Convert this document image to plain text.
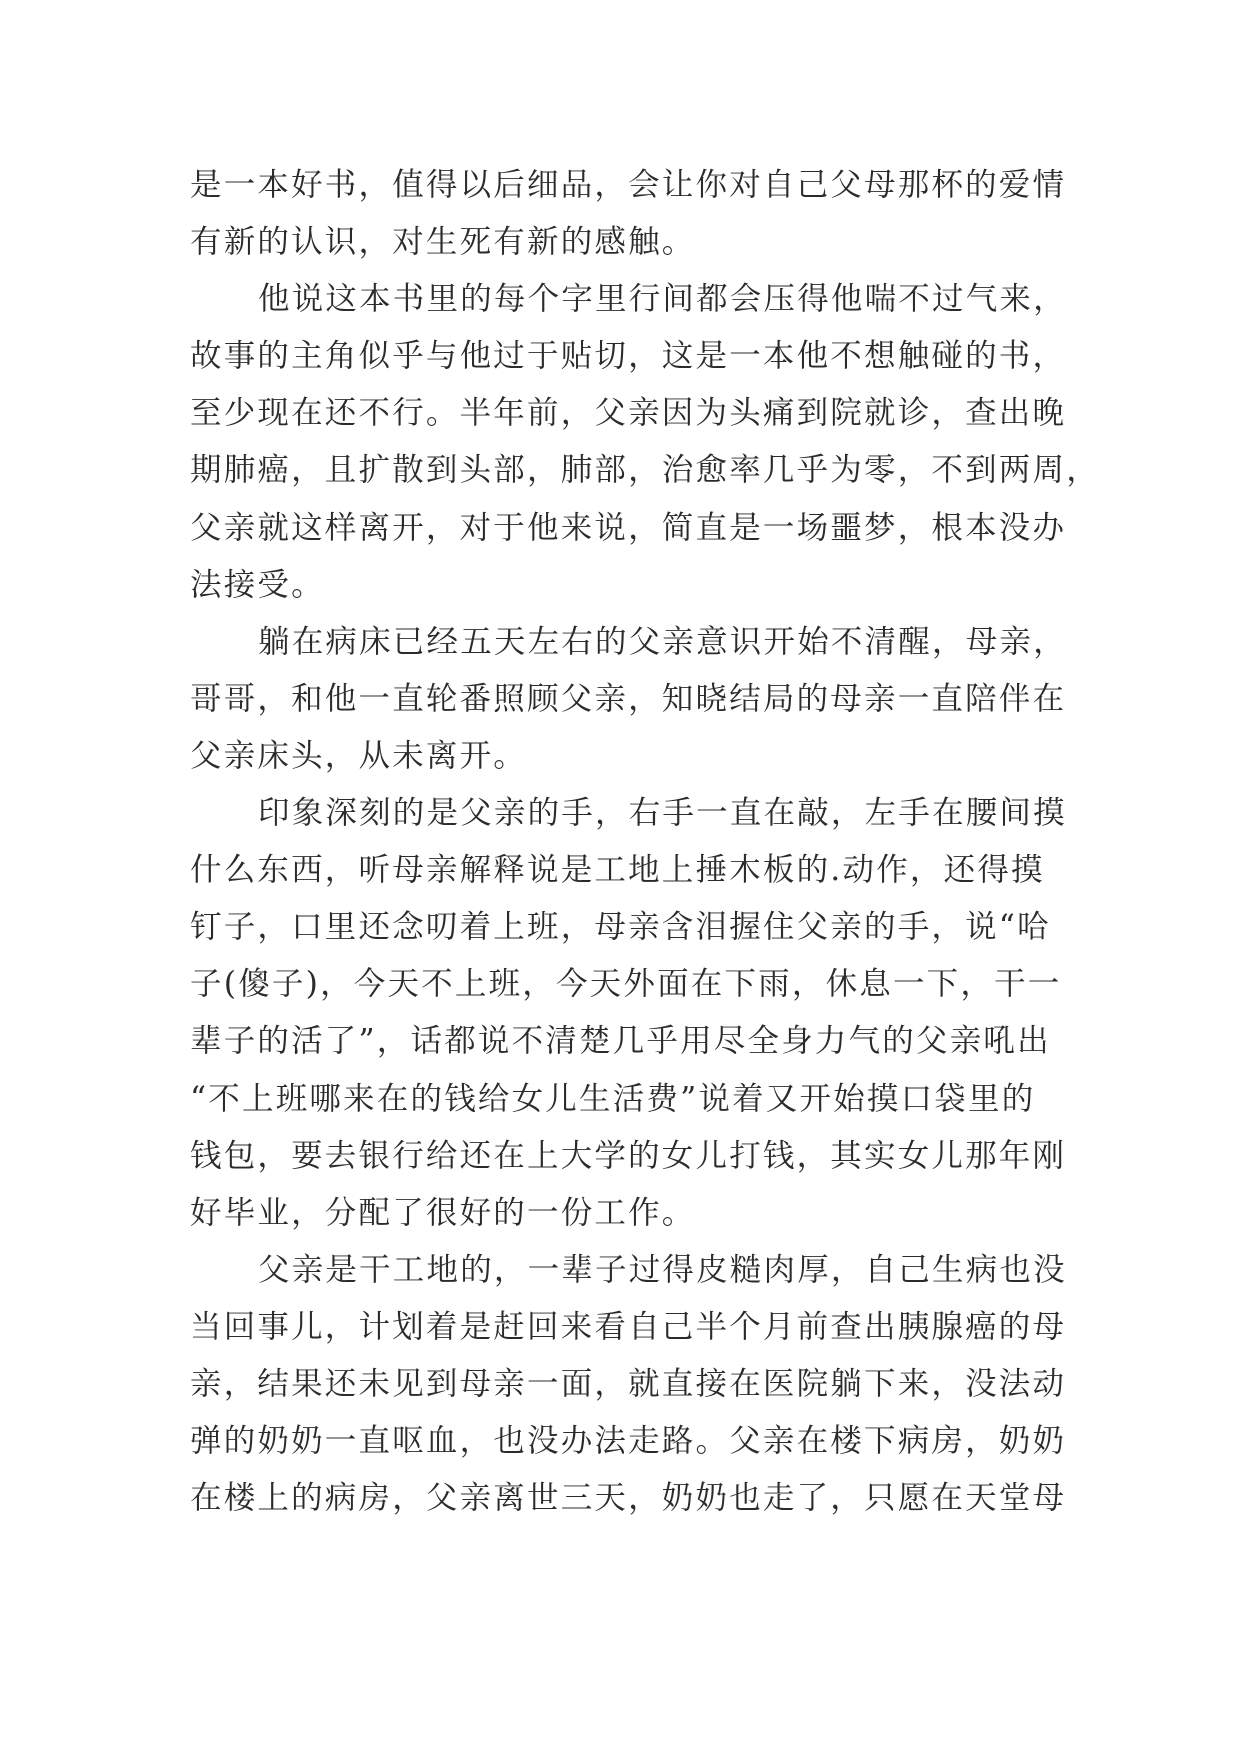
是一本好书，值得以后细品，会让你对自己父母那杯的爱情
有新的认识，对生死有新的感触。
他说这本书里的每个字里行间都会压得他喘不过气来，
故事的主角似乎与他过于贴切，这是一本他不想触碰的书，
至少现在还不行。半年前，父亲因为头痛到院就诊，查出晚
期肺癌，且扩散到头部，肺部，治愈率几乎为零，不到两周，
父亲就这样离开，对于他来说，简直是一场噩梦，根本没办
法接受。
躺在病床已经五天左右的父亲意识开始不清醒，母亲，
哥哥，和他一直轮番照顾父亲，知晓结局的母亲一直陪伴在
父亲床头，从未离开。
印象深刻的是父亲的手，右手一直在敲，左手在腰间摸
什么东西，听母亲解释说是工地上捶木板的.动作，还得摸
钉子，口里还念叨着上班，母亲含泪握住父亲的手，说“哈
子(傻子)，今天不上班，今天外面在下雨，休息一下，干一
辈子的活了”，话都说不清楚几乎用尽全身力气的父亲吼出
“不上班哪来在的钱给女儿生活费”说着又开始摸口袋里的
钱包，要去银行给还在上大学的女儿打钱，其实女儿那年刚
好毕业，分配了很好的一份工作。
父亲是干工地的，一辈子过得皮糙肉厚，自己生病也没
当回事儿，计划着是赶回来看自己半个月前查出胰腺癌的母
亲，结果还未见到母亲一面，就直接在医院躺下来，没法动
弹的奶奶一直呕血，也没办法走路。父亲在楼下病房，奶奶
在楼上的病房，父亲离世三天，奶奶也走了，只愿在天堂母
